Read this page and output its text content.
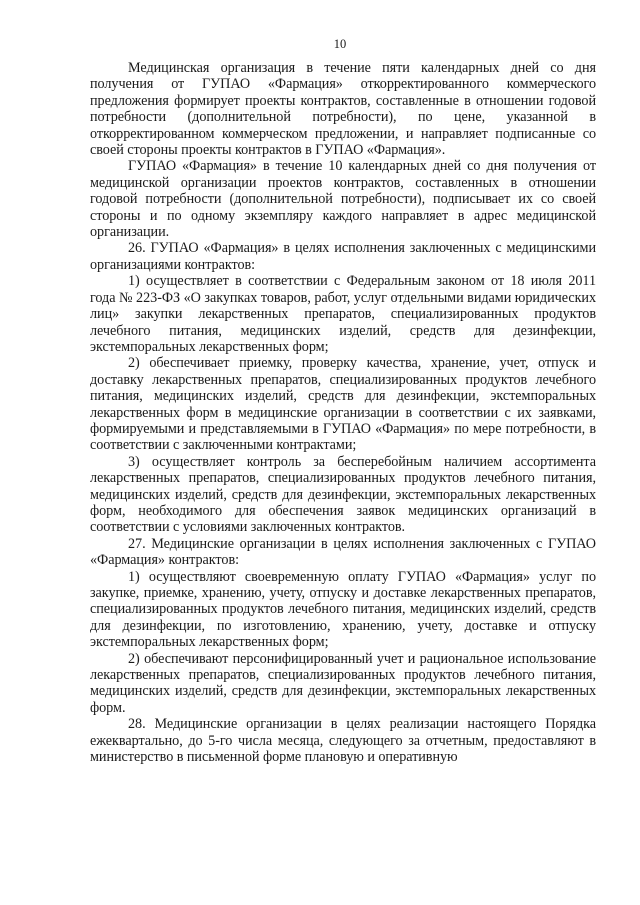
10

Медицинская организация в течение пяти календарных дней со дня получения от ГУПАО «Фармация» откорректированного коммерческого предложения формирует проекты контрактов, составленные в отношении годовой потребности (дополнительной потребности), по цене, указанной в откорректированном коммерческом предложении, и направляет подписанные со своей стороны проекты контрактов в ГУПАО «Фармация».

ГУПАО «Фармация» в течение 10 календарных дней со дня получения от медицинской организации проектов контрактов, составленных в отношении годовой потребности (дополнительной потребности), подписывает их со своей стороны и по одному экземпляру каждого направляет в адрес медицинской организации.

26. ГУПАО «Фармация» в целях исполнения заключенных с медицинскими организациями контрактов:

1) осуществляет в соответствии с Федеральным законом от 18 июля 2011 года № 223-ФЗ «О закупках товаров, работ, услуг отдельными видами юридических лиц» закупки лекарственных препаратов, специализированных продуктов лечебного питания, медицинских изделий, средств для дезинфекции, экстемпоральных лекарственных форм;

2) обеспечивает приемку, проверку качества, хранение, учет, отпуск и доставку лекарственных препаратов, специализированных продуктов лечебного питания, медицинских изделий, средств для дезинфекции, экстемпоральных лекарственных форм в медицинские организации в соответствии с их заявками, формируемыми и представляемыми в ГУПАО «Фармация» по мере потребности, в соответствии с заключенными контрактами;

3) осуществляет контроль за бесперебойным наличием ассортимента лекарственных препаратов, специализированных продуктов лечебного питания, медицинских изделий, средств для дезинфекции, экстемпоральных лекарственных форм, необходимого для обеспечения заявок медицинских организаций в соответствии с условиями заключенных контрактов.

27. Медицинские организации в целях исполнения заключенных с ГУПАО «Фармация» контрактов:

1) осуществляют своевременную оплату ГУПАО «Фармация» услуг по закупке, приемке, хранению, учету, отпуску и доставке лекарственных препаратов, специализированных продуктов лечебного питания, медицинских изделий, средств для дезинфекции, по изготовлению, хранению, учету, доставке и отпуску экстемпоральных лекарственных форм;

2) обеспечивают персонифицированный учет и рациональное использование лекарственных препаратов, специализированных продуктов лечебного питания, медицинских изделий, средств для дезинфекции, экстемпоральных лекарственных форм.

28. Медицинские организации в целях реализации настоящего Порядка ежеквартально, до 5-го числа месяца, следующего за отчетным, предоставляют в министерство в письменной форме плановую и оперативную
